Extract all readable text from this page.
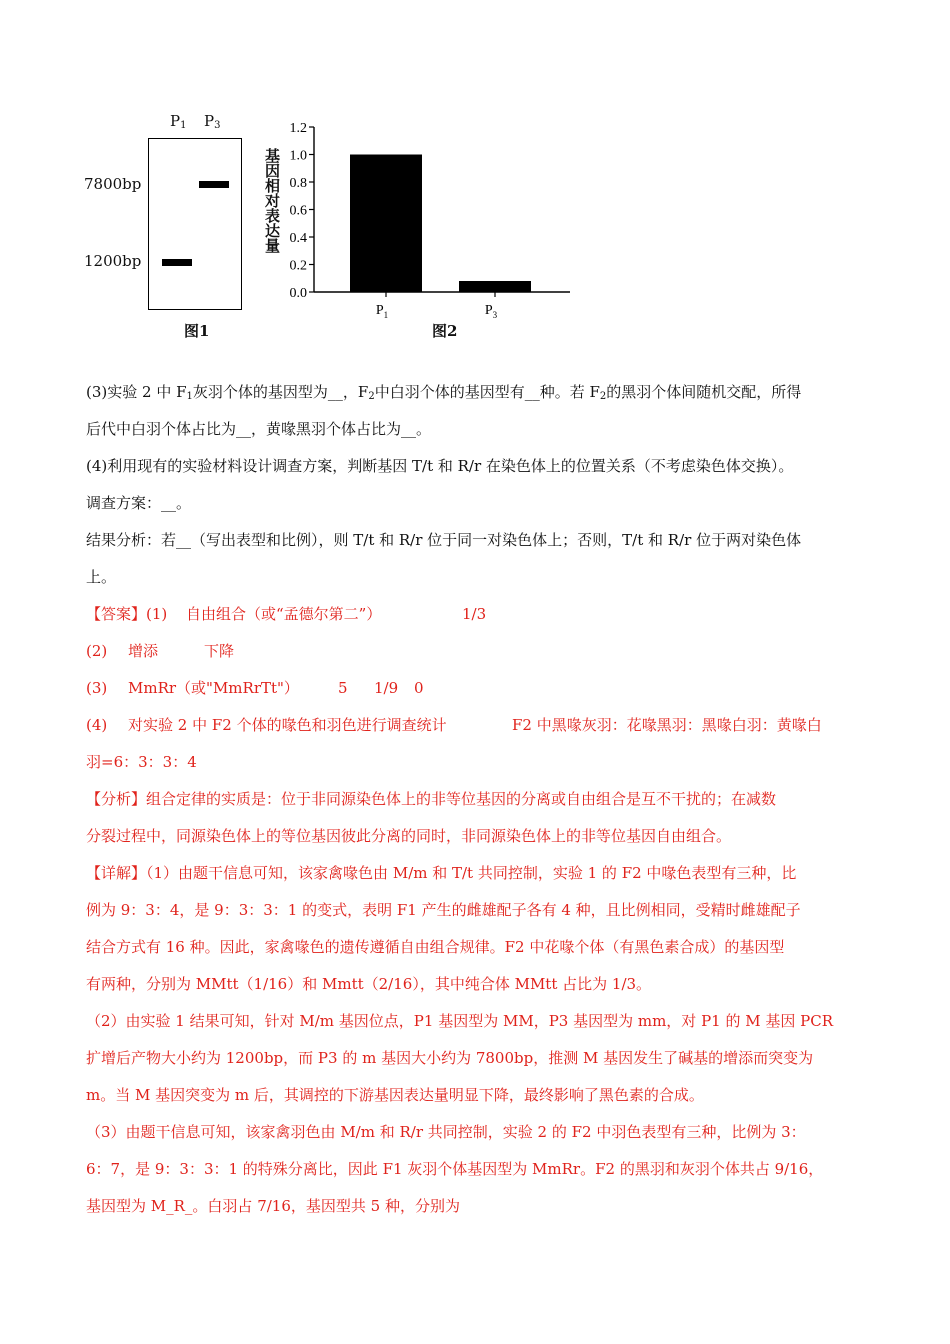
$P_1$ $P_3$
7800bp
1200bp
图1
基因相对表达量
0.0
0.2
0.4
0.6
0.8
1.0
1.2
$P_1$	$P_3$
图2
(3)实验 2 中 $F_1$灰羽个体的基因型为__，$F_2$中白羽个体的基因型有__种。若 $F_2$的黑羽个体间随机交配，所得
后代中白羽个体占比为__，黄喙黑羽个体占比为__。
(4)利用现有的实验材料设计调查方案，判断基因 T/t 和 R/r 在染色体上的位置关系（不考虑染色体交换）。
调查方案：__。
结果分析：若__（写出表型和比例），则 T/t 和 R/r 位于同一对染色体上；否则，T/t 和 R/r 位于两对染色体
上。
【答案】(1) 自由组合（或“孟德尔第二”）	1/3
(2) 增添	下降
(3) MmRr（或"MmRrTt"）	5 1/9 0
(4) 对实验 2 中 F2 个体的喙色和羽色进行调查统计	F2 中黑喙灰羽：花喙黑羽：黑喙白羽：黄喙白
羽=6：3：3：4
【分析】组合定律的实质是：位于非同源染色体上的非等位基因的分离或自由组合是互不干扰的；在减数
分裂过程中，同源染色体上的等位基因彼此分离的同时，非同源染色体上的非等位基因自由组合。
【详解】（1）由题干信息可知，该家禽喙色由 M/m 和 T/t 共同控制，实验 1 的 F2 中喙色表型有三种，比
例为 9：3：4，是 9：3：3：1 的变式，表明 F1 产生的雌雄配子各有 4 种，且比例相同，受精时雌雄配子
结合方式有 16 种。因此，家禽喙色的遗传遵循自由组合规律。F2 中花喙个体（有黑色素合成）的基因型
有两种，分别为 MMtt（1/16）和 Mmtt（2/16），其中纯合体 MMtt 占比为 1/3。
（2）由实验 1 结果可知，针对 M/m 基因位点，P1 基因型为 MM，P3 基因型为 mm，对 P1 的 M 基因 PCR
扩增后产物大小约为 1200bp，而 P3 的 m 基因大小约为 7800bp，推测 M 基因发生了碱基的增添而突变为
m。当 M 基因突变为 m 后，其调控的下游基因表达量明显下降，最终影响了黑色素的合成。
（3）由题干信息可知，该家禽羽色由 M/m 和 R/r 共同控制，实验 2 的 F2 中羽色表型有三种，比例为 3：
6：7，是 9：3：3：1 的特殊分离比，因此 F1 灰羽个体基因型为 MmRr。F2 的黑羽和灰羽个体共占 9/16，
基因型为 M_R_。白羽占 7/16，基因型共 5 种，分别为
